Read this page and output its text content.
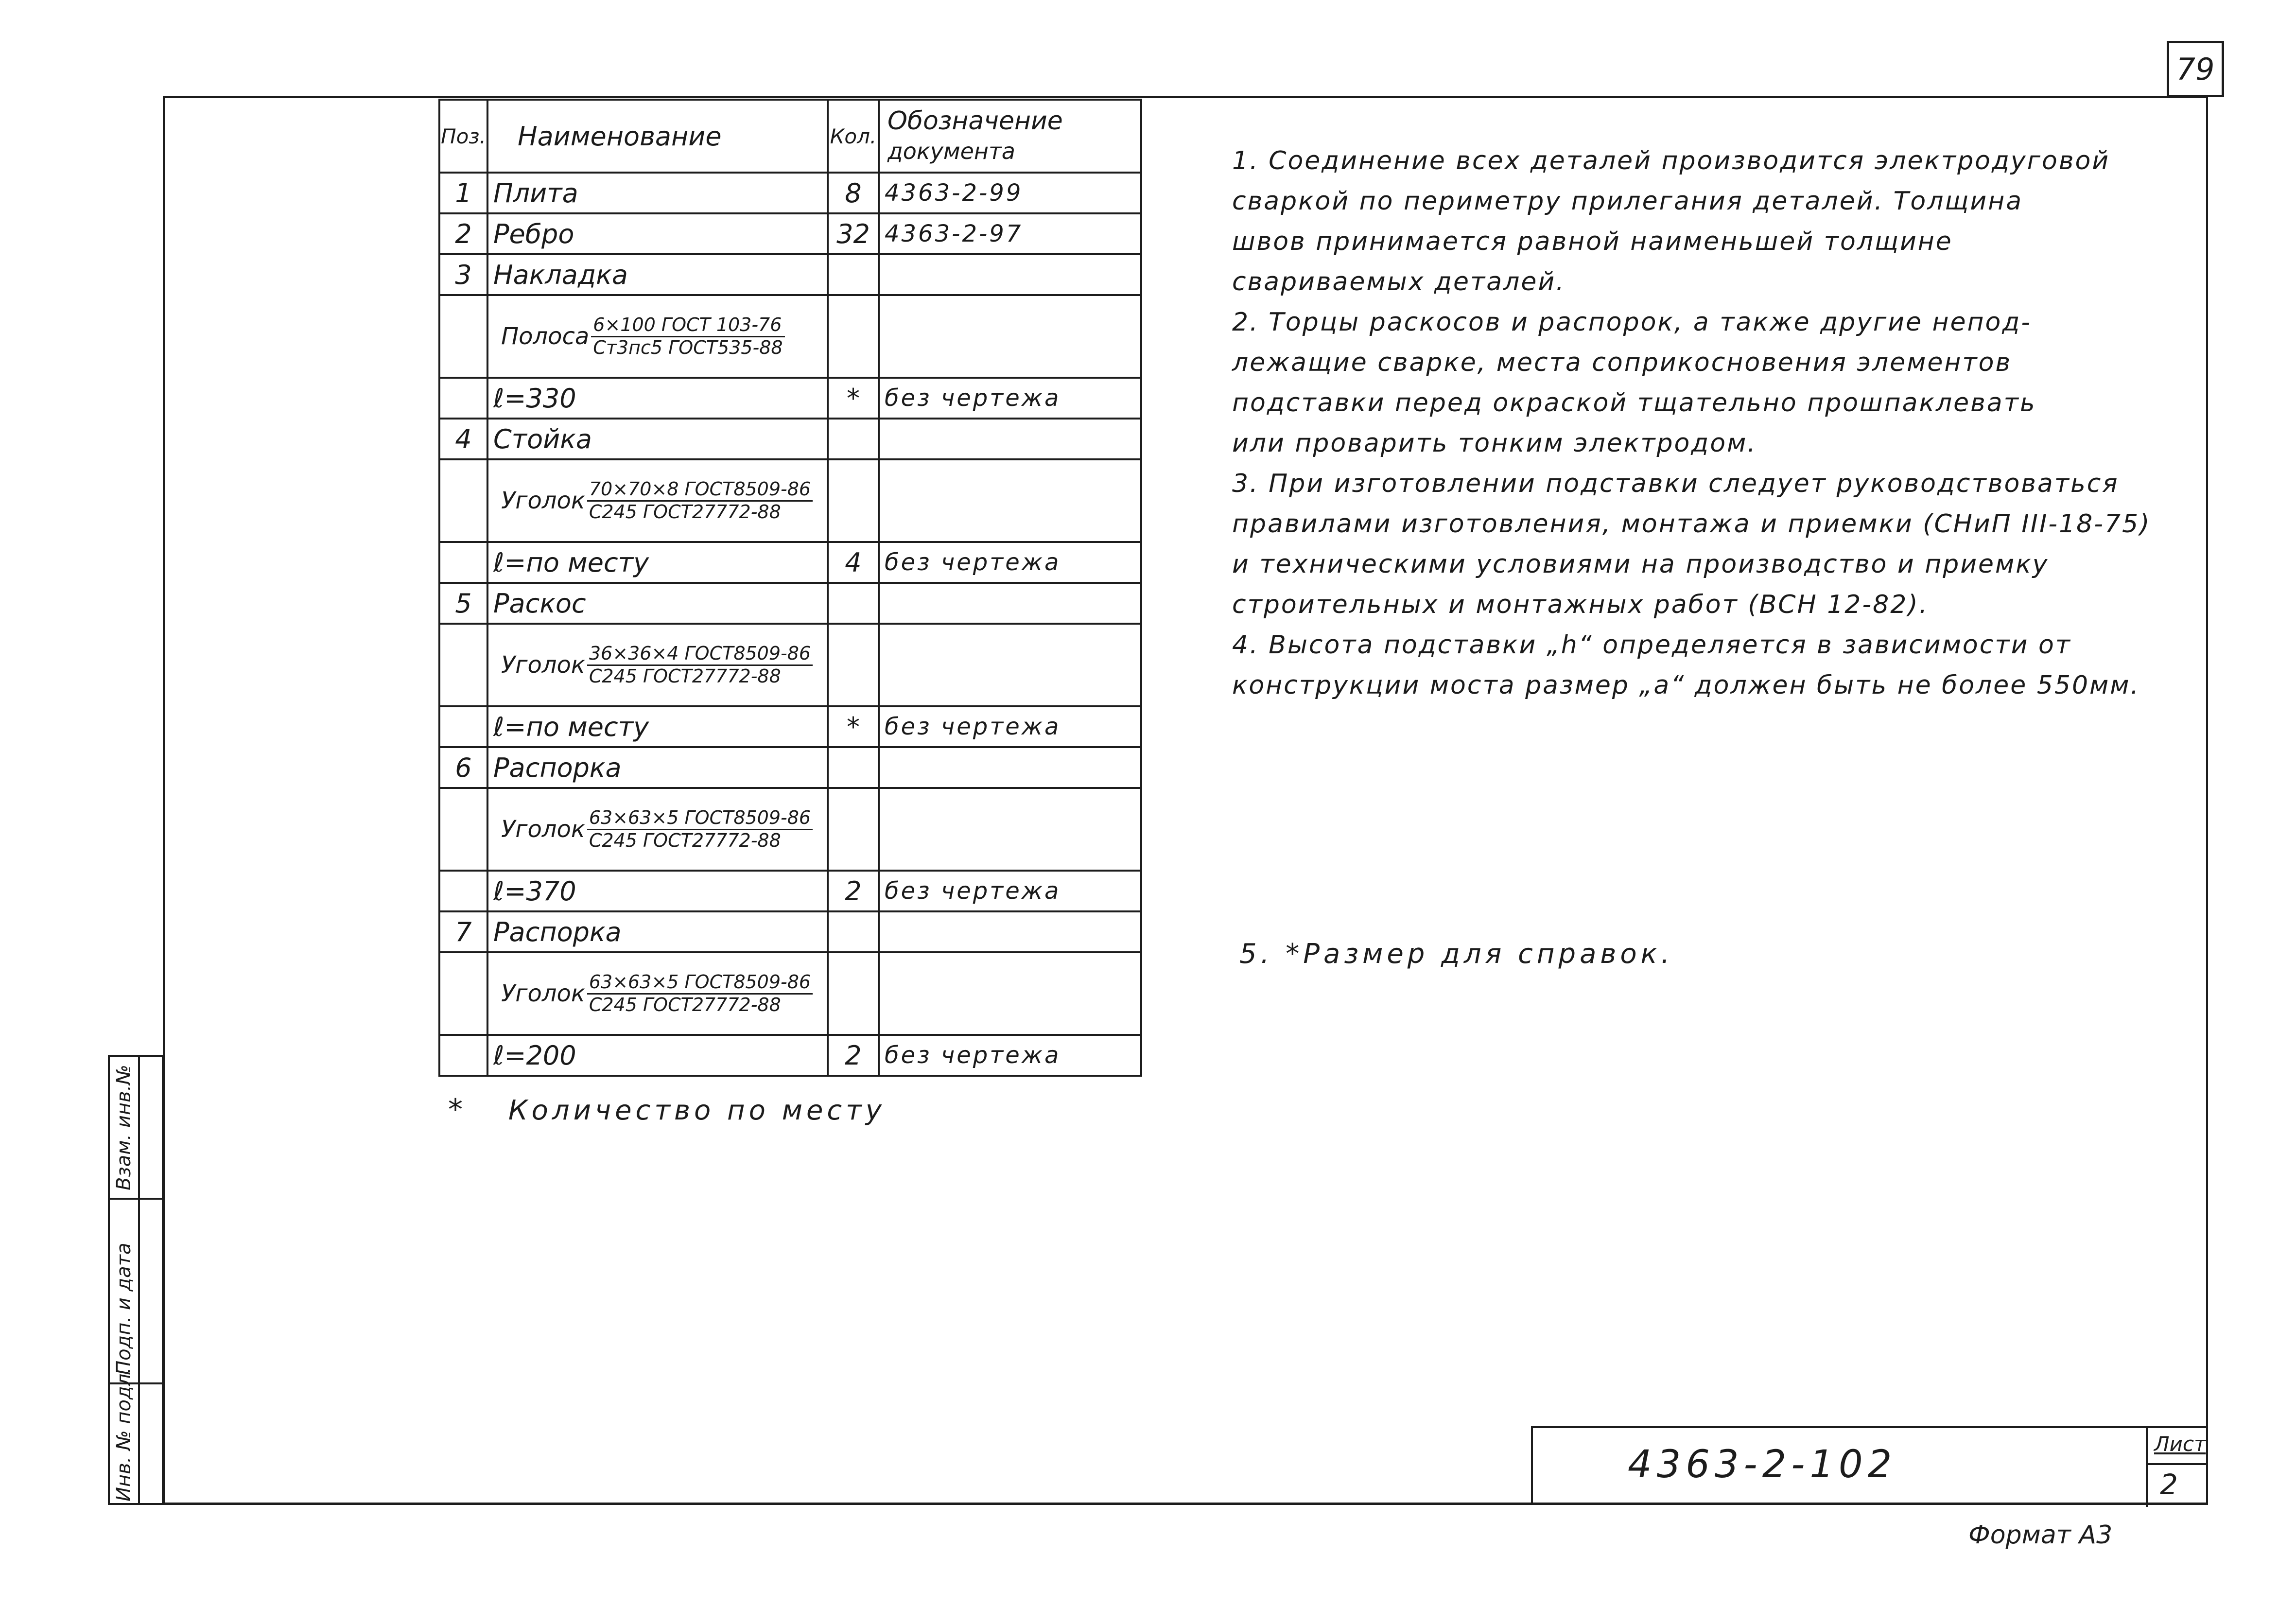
79
Поз.	Наименование	Кол.	Обозначение
документа

1	Плита	8	4363-2-99
2	Ребро	32	4363-2-97
3	Накладка		
	Полоса $\frac{\text{6×100 ГОСТ 103-76}}{\text{Ст3пс5 ГОСТ535-88}}$

	ℓ=330	*	без чертежа
4	Стойка		
	Уголок $\frac{\text{70×70×8 ГОСТ8509-86}}{\text{С245 ГОСТ27772-88}}$

	ℓ=по месту	4	без чертежа
5	Раскос		
	Уголок $\frac{\text{36×36×4 ГОСТ8509-86}}{\text{С245 ГОСТ27772-88}}$

	ℓ=по месту	*	без чертежа
6	Распорка		
	Уголок $\frac{\text{63×63×5 ГОСТ8509-86}}{\text{С245 ГОСТ27772-88}}$

	ℓ=370	2	без чертежа
7	Распорка		
	Уголок $\frac{\text{63×63×5 ГОСТ8509-86}}{\text{С245 ГОСТ27772-88}}$

	ℓ=200	2	без чертежа
* Количество по месту

1. Соединение всех деталей производится электродуговой

сваркой по периметру прилегания деталей. Толщина

швов принимается равной наименьшей толщине

свариваемых деталей.

2. Торцы раскосов и распорок, а также другие непод-

лежащие сварке, места соприкосновения элементов

подставки перед окраской тщательно прошпаклевать

или проварить тонким электродом.

3. При изготовлении подставки следует руководствоваться

правилами изготовления, монтажа и приемки (СНиП III-18-75)

и техническими условиями на производство и приемку

строительных и монтажных работ (ВСН 12-82).

4. Высота подставки „h“ определяется в зависимости от

конструкции моста размер „a“ должен быть не более 550мм.

5. *Размер для справок.
Взам. инв.№
Подп. и дата
Инв. № подл.	4363-2-102	Лист
2
Формат А3
